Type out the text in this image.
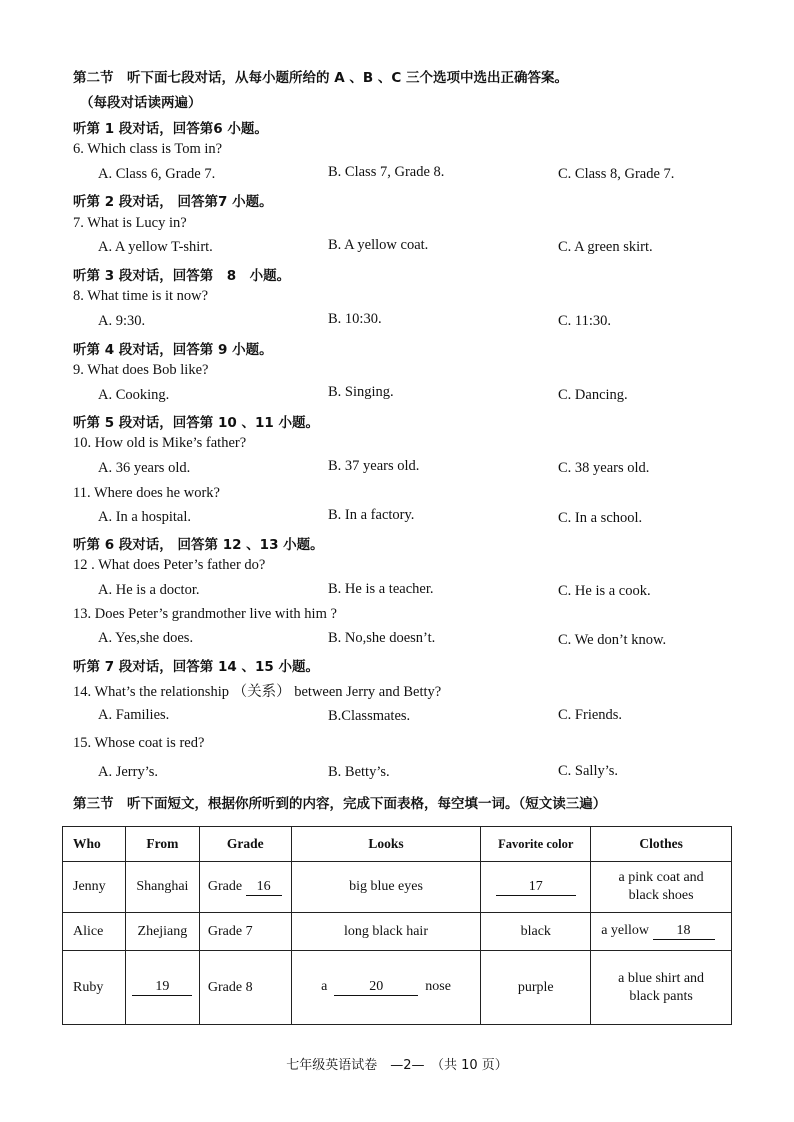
第二节　听下面七段对话，从每小题所给的 A 、B 、C 三个选项中选出正确答案。
（每段对话读两遍）
听第 1 段对话，回答第6 小题。
6. Which class is Tom in?
A. Class 6, Grade 7.	B. Class 7, Grade 8.	C. Class 8, Grade 7.
听第 2 段对话， 回答第7 小题。
7. What is Lucy in?
A. A yellow T-shirt.	B. A yellow coat.	C. A green skirt.
听第 3 段对话，回答第　8　小题。
8. What time is it now?
A. 9:30.	B. 10:30.	C. 11:30.
听第 4 段对话，回答第 9 小题。
9. What does Bob like?
A. Cooking.	B. Singing.	C. Dancing.
听第 5 段对话，回答第 10 、11 小题。
10. How old is Mike’s father?
A. 36 years old.	B. 37 years old.	C. 38 years old.
11. Where does he work?
A. In a hospital.	B. In a factory.	C. In a school.
听第 6 段对话， 回答第 12 、13 小题。
12 . What does Peter’s father do?
A. He is a doctor.	B. He is a teacher.	C. He is a cook.
13. Does Peter’s grandmother live with him ?
A. Yes,she does.	B. No,she doesn’t.	C. We don’t know.
听第 7 段对话，回答第 14 、15 小题。
14. What’s the relationship （关系） between Jerry and Betty?
A. Families.	B.Classmates.	C. Friends.
15. Whose coat is red?
A. Jerry’s.	B. Betty’s.	C. Sally’s.
第三节　听下面短文，根据你所听到的内容，完成下面表格，每空填一词。（短文读三遍）
Who	From	Grade	Looks	Favorite color	Clothes
Jenny	Shanghai	Grade 16	big blue eyes	17	a pink coat and
black shoes

Alice	Zhejiang	Grade 7	long black hair	black	a yellow 18
Ruby	19	Grade 8	a 20 nose	purple	a blue shirt and
black pants
七年级英语试卷　—2—　（共 10 页）
